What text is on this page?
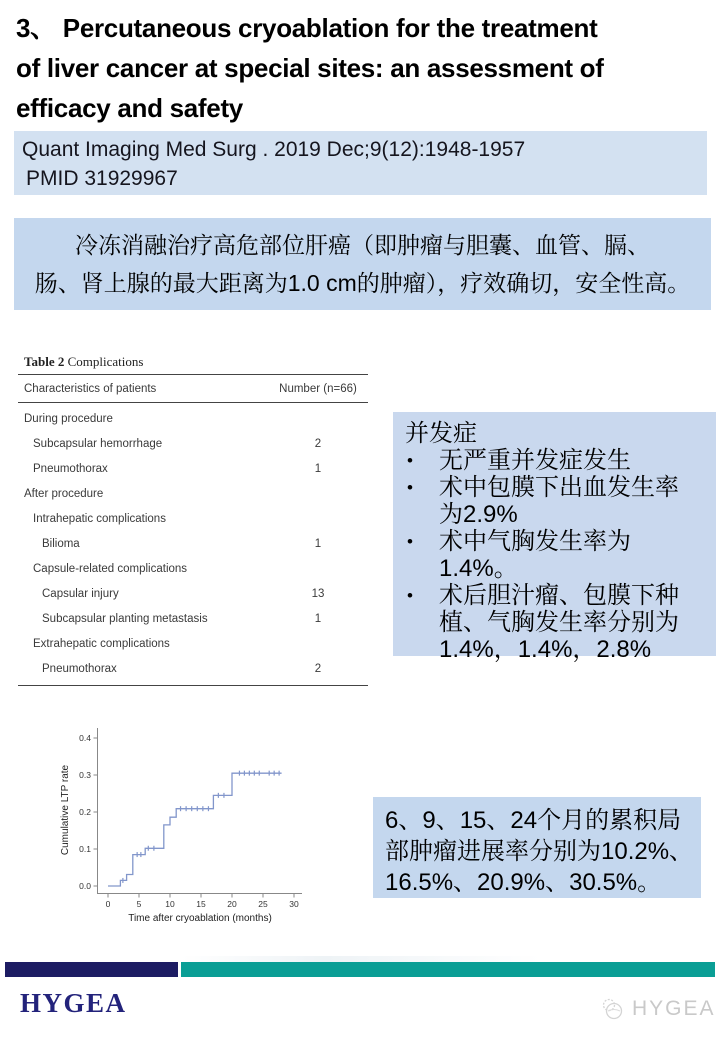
3、 Percutaneous cryoablation for the treatment
of liver cancer at special sites: an assessment of
efficacy and safety
Quant Imaging Med Surg . 2019 Dec;9(12):1948-1957
PMID 31929967
冷冻消融治疗高危部位肝癌（即肿瘤与胆囊、血管、膈、
肠、肾上腺的最大距离为1.0 cm的肿瘤），疗效确切，安全性高。
Table 2 Complications
Characteristics of patients	Number (n=66)
During procedure
Subcapsular hemorrhage	2
Pneumothorax	1
After procedure
Intrahepatic complications
Bilioma	1
Capsule-related complications
Capsular injury	13
Subcapsular planting metastasis	1
Extrahepatic complications
Pneumothorax	2
并发症
•	无严重并发症发生
•	术中包膜下出血发生率为2.9%
•	术中气胸发生率为1.4%。
•	术后胆汁瘤、包膜下种植、气胸发生率分别为 1.4%，1.4%，2.8%
0.0
0.1
0.2
0.3
0.4
0	5	10	15	20	25	30
Time after cryoablation (months)
Cumulative LTP rate	6、9、15、24个月的累积局
部肿瘤进展率分别为10.2%、
16.5%、20.9%、30.5%。
HYGEA	HYGEA
